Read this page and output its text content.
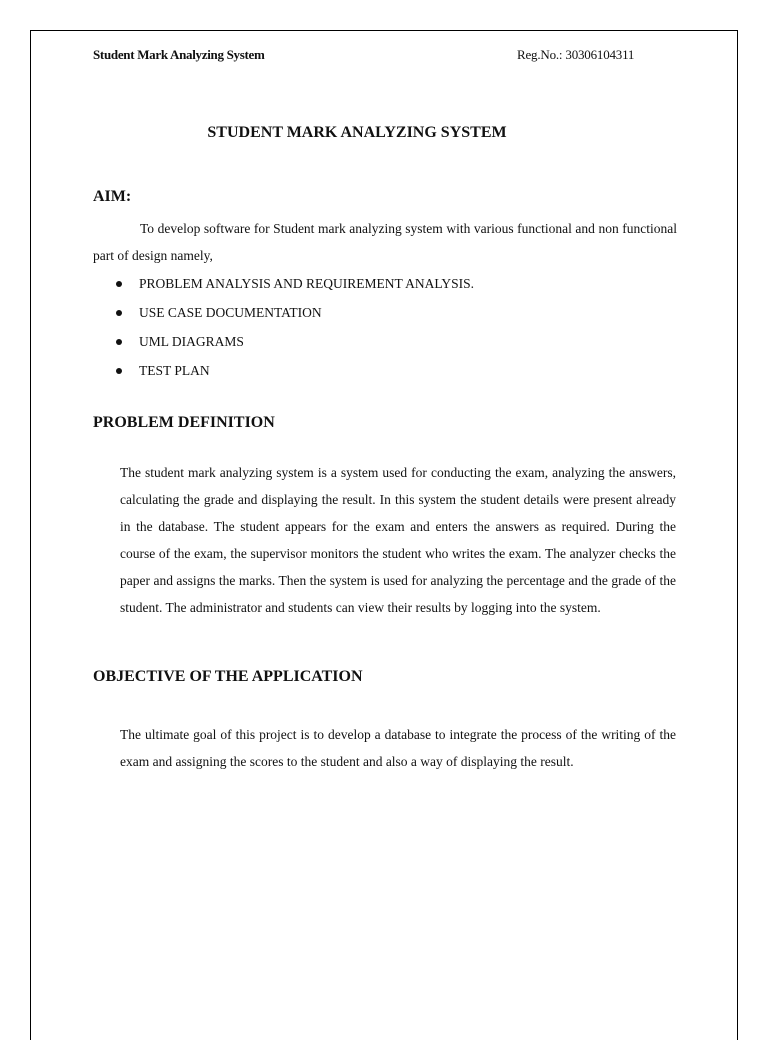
Student Mark Analyzing System	Reg.No.: 30306104311
STUDENT MARK ANALYZING SYSTEM
AIM:

To develop software for Student mark analyzing system with various functional and non functional part of design namely,

PROBLEM ANALYSIS AND REQUIREMENT ANALYSIS.
USE CASE DOCUMENTATION
UML DIAGRAMS
TEST PLAN
PROBLEM DEFINITION

The student mark analyzing system is a system used for conducting the exam, analyzing the answers, calculating the grade and displaying the result. In this system the student details were present already in the database. The student appears for the exam and enters the answers as required. During the course of the exam, the supervisor monitors the student who writes the exam. The analyzer checks the paper and assigns the marks. Then the system is used for analyzing the percentage and the grade of the student. The administrator and students can view their results by logging into the system.

OBJECTIVE OF THE APPLICATION

The ultimate goal of this project is to develop a database to integrate the process of the writing of the exam and assigning the scores to the student and also a way of displaying the result.
